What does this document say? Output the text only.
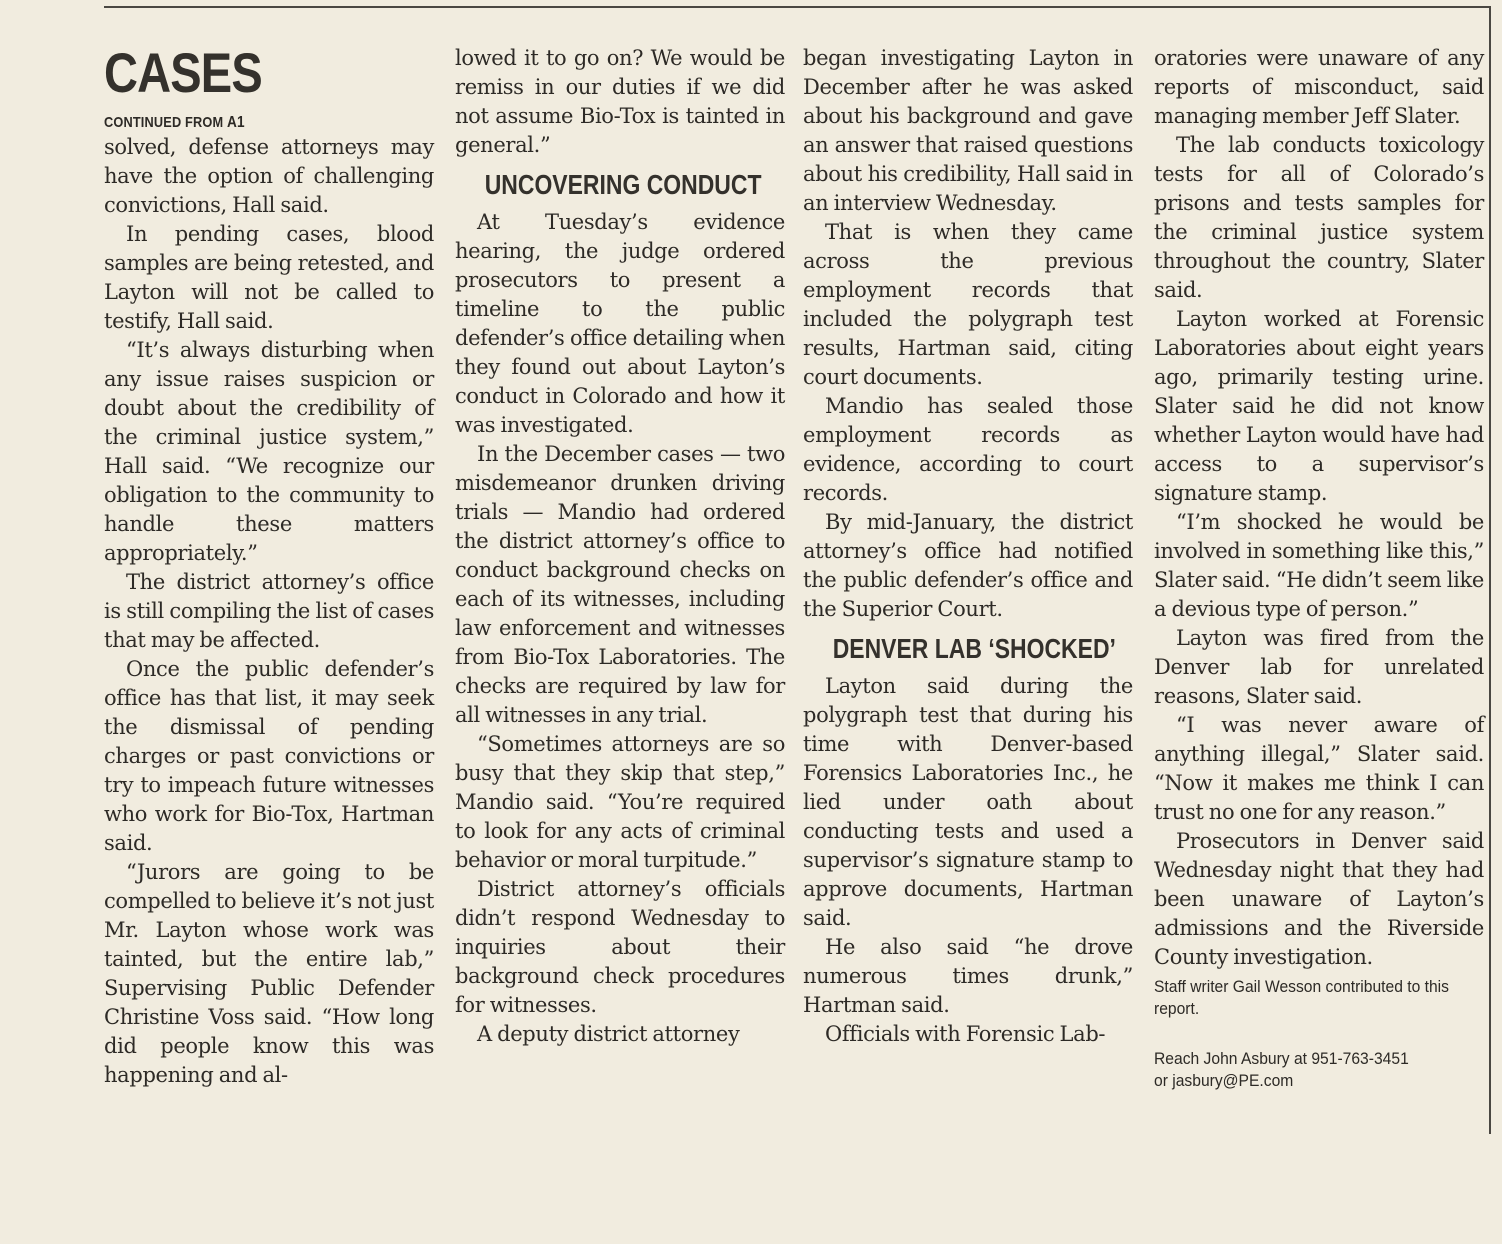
CASES
CONTINUED FROM A1

solved, defense attorneys may have the option of challenging convictions, Hall said.

In pending cases, blood samples are being retested, and Layton will not be called to testify, Hall said.

“It’s always disturbing when any issue raises suspicion or doubt about the credibility of the criminal justice system,” Hall said. “We recognize our obligation to the community to handle these matters appropriately.”

The district attorney’s office is still compiling the list of cases that may be affected.

Once the public defender’s office has that list, it may seek the dismissal of pending charges or past convictions or try to impeach future witnesses who work for Bio-Tox, Hartman said.

“Jurors are going to be compelled to believe it’s not just Mr. Layton whose work was tainted, but the entire lab,” Supervising Public Defender Christine Voss said. “How long did people know this was happening and al-

lowed it to go on? We would be remiss in our duties if we did not assume Bio-Tox is tainted in general.”

UNCOVERING CONDUCT

At Tuesday’s evidence hearing, the judge ordered prosecutors to present a timeline to the public defender’s office detailing when they found out about Layton’s conduct in Colorado and how it was investigated.

In the December cases — two misdemeanor drunken driving trials — Mandio had ordered the district attorney’s office to conduct background checks on each of its witnesses, including law enforcement and witnesses from Bio-Tox Laboratories. The checks are required by law for all witnesses in any trial.

“Sometimes attorneys are so busy that they skip that step,” Mandio said. “You’re required to look for any acts of criminal behavior or moral turpitude.”

District attorney’s officials didn’t respond Wednesday to inquiries about their background check procedures for witnesses.

A deputy district attorney

began investigating Layton in December after he was asked about his background and gave an answer that raised questions about his credibility, Hall said in an interview Wednesday.

That is when they came across the previous employment records that included the polygraph test results, Hartman said, citing court documents.

Mandio has sealed those employment records as evidence, according to court records.

By mid-January, the district attorney’s office had notified the public defender’s office and the Superior Court.

DENVER LAB ‘SHOCKED’

Layton said during the polygraph test that during his time with Denver-based Forensics Laboratories Inc., he lied under oath about conducting tests and used a supervisor’s signature stamp to approve documents, Hartman said.

He also said “he drove numerous times drunk,” Hartman said.

Officials with Forensic Lab-

oratories were unaware of any reports of misconduct, said managing member Jeff Slater.

The lab conducts toxicology tests for all of Colorado’s prisons and tests samples for the criminal justice system throughout the country, Slater said.

Layton worked at Forensic Laboratories about eight years ago, primarily testing urine. Slater said he did not know whether Layton would have had access to a supervisor’s signature stamp.

“I’m shocked he would be involved in something like this,” Slater said. “He didn’t seem like a devious type of person.”

Layton was fired from the Denver lab for unrelated reasons, Slater said.

“I was never aware of anything illegal,” Slater said. “Now it makes me think I can trust no one for any reason.”

Prosecutors in Denver said Wednesday night that they had been unaware of Layton’s admissions and the Riverside County investigation.

Staff writer Gail Wesson contributed to this report.

Reach John Asbury at 951-763-3451
or jasbury@PE.com
